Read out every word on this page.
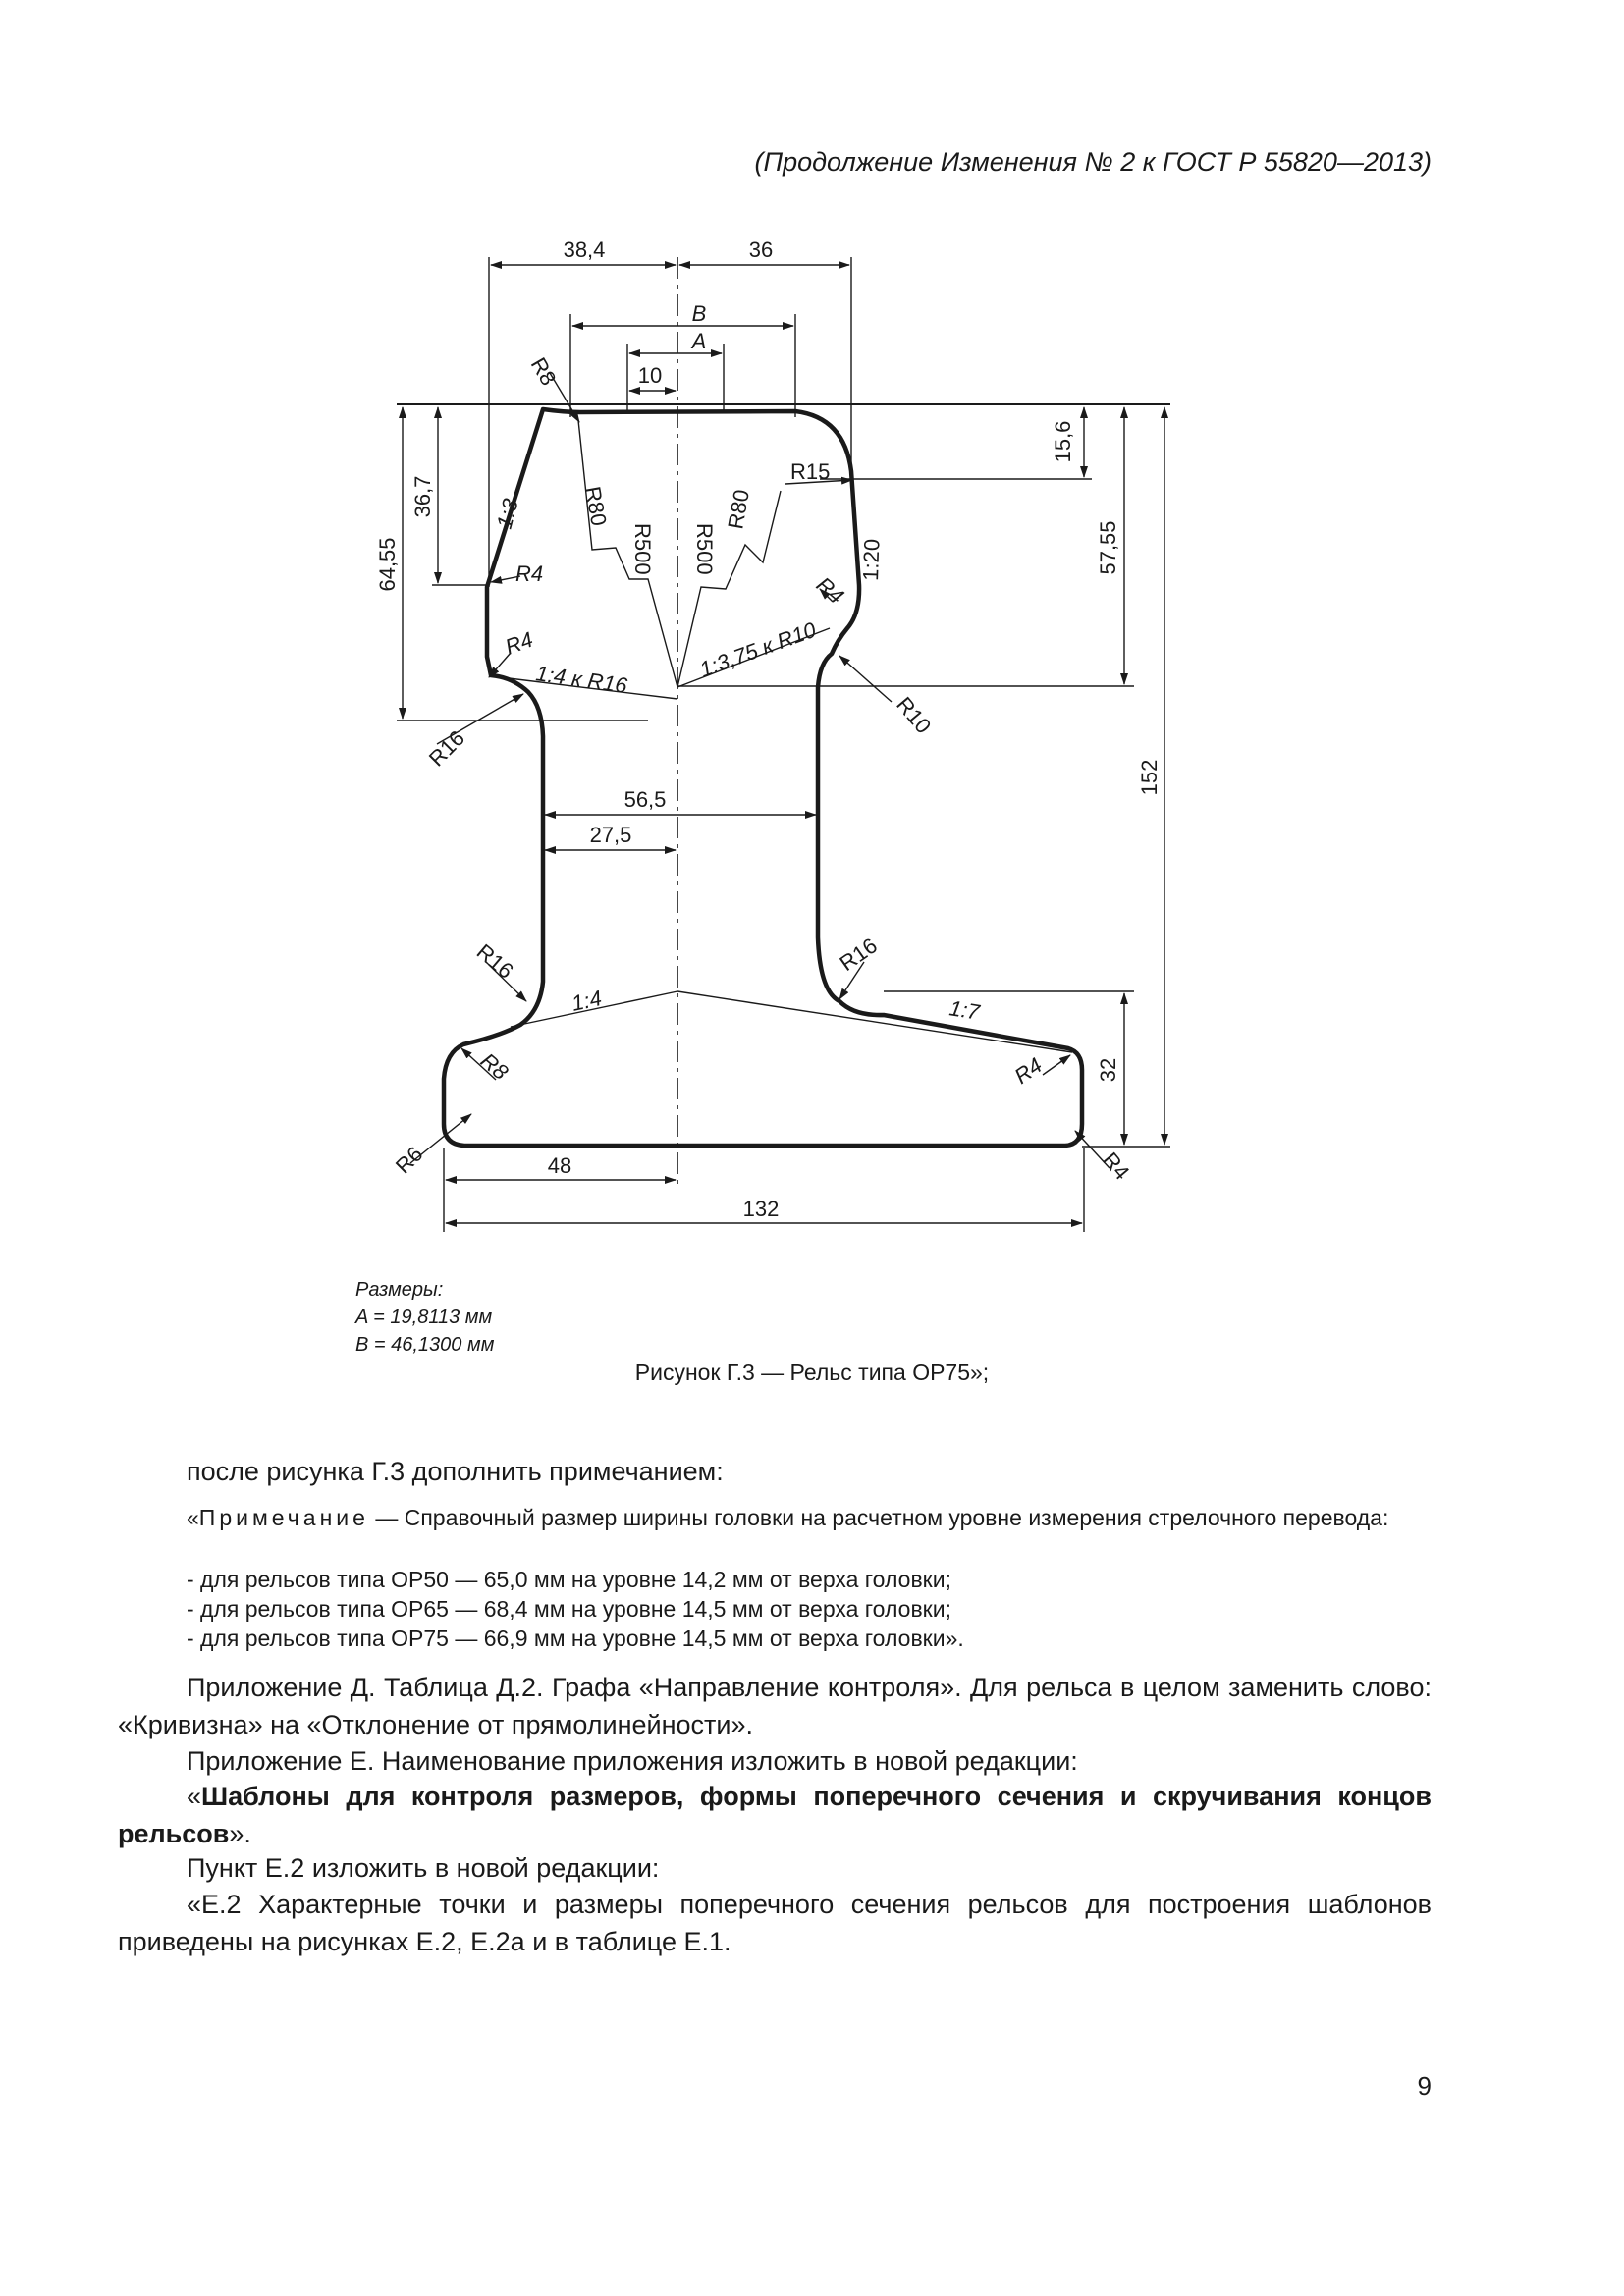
(Продолжение Изменения № 2 к ГОСТ Р 55820—2013)
38,4	36
B
A
10
64,55
36,7
15,6
57,55
152
32
56,5
27,5
48
132
R8
R80
R500 R500
R80
R15
R4
R4
R4
R10
R16
R16	R16
R8	R4
R6	R4
1:3
1:20
1:4 к R16	1:3,75 к R10
1:4	1:7
Размеры:
A = 19,8113 мм
B = 46,1300 мм
Рисунок Г.3 — Рельс типа ОР75»;

после рисунка Г.3 дополнить примечанием:

«Примечание — Справочный размер ширины головки на расчетном уровне измерения стрелочного перевода:

- для рельсов типа ОР50 — 65,0 мм на уровне 14,2 мм от верха головки;
- для рельсов типа ОР65 — 68,4 мм на уровне 14,5 мм от верха головки;
- для рельсов типа ОР75 — 66,9 мм на уровне 14,5 мм от верха головки».

Приложение Д. Таблица Д.2. Графа «Направление контроля». Для рельса в целом заменить слово: «Кривизна» на «Отклонение от прямолинейности».

Приложение Е. Наименование приложения изложить в новой редакции:

«Шаблоны для контроля размеров, формы поперечного сечения и скручивания концов рельсов».

Пункт Е.2 изложить в новой редакции:

«Е.2 Характерные точки и размеры поперечного сечения рельсов для построения шаблонов приведены на рисунках Е.2, Е.2а и в таблице Е.1.

9
